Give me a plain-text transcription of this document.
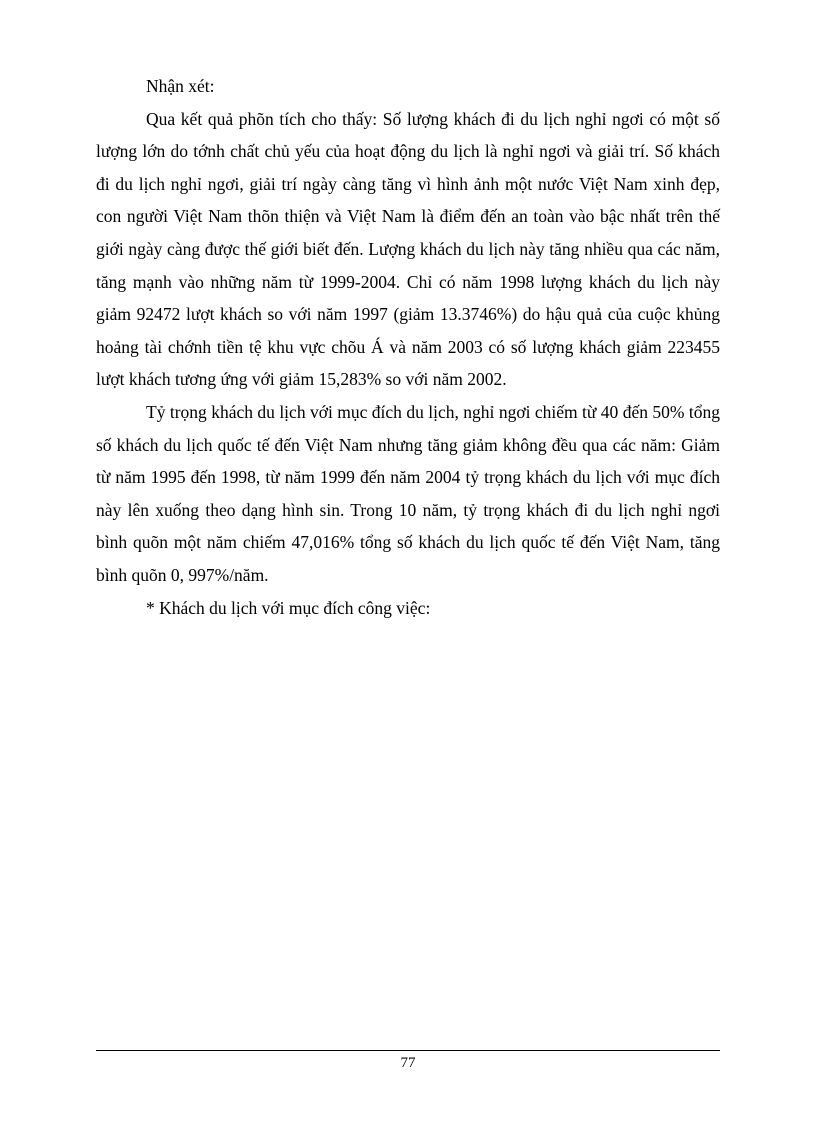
Nhận xét:

Qua kết quả phõn tích cho thấy: Số lượng khách đi du lịch nghỉ ngơi có một số lượng lớn do tớnh chất chủ yếu của hoạt động du lịch là nghỉ ngơi và giải trí. Số khách đi du lịch nghỉ ngơi, giải trí ngày càng tăng vì hình ảnh một nước Việt Nam xinh đẹp, con người Việt Nam thõn thiện và Việt Nam là điểm đến an toàn vào bậc nhất trên thế giới ngày càng được thế giới biết đến. Lượng khách du lịch này tăng nhiều qua các năm, tăng mạnh vào những năm từ 1999-2004. Chỉ có năm 1998 lượng khách du lịch này giảm 92472 lượt khách so với năm 1997 (giảm 13.3746%) do hậu quả của cuộc khủng hoảng tài chớnh tiền tệ khu vực chõu Á và năm 2003 có số lượng khách giảm 223455 lượt khách tương ứng với giảm 15,283% so với năm 2002.

Tỷ trọng khách du lịch với mục đích du lịch, nghỉ ngơi chiếm từ 40 đến 50% tổng số khách du lịch quốc tế đến Việt Nam nhưng tăng giảm không đều qua các năm: Giảm từ năm 1995 đến 1998, từ năm 1999 đến năm 2004 tỷ trọng khách du lịch với mục đích này lên xuống theo dạng hình sin. Trong 10 năm, tỷ trọng khách đi du lịch nghỉ ngơi bình quõn một năm chiếm 47,016% tổng số khách du lịch quốc tế đến Việt Nam, tăng bình quõn 0, 997%/năm.

* Khách du lịch với mục đích công việc:

77
